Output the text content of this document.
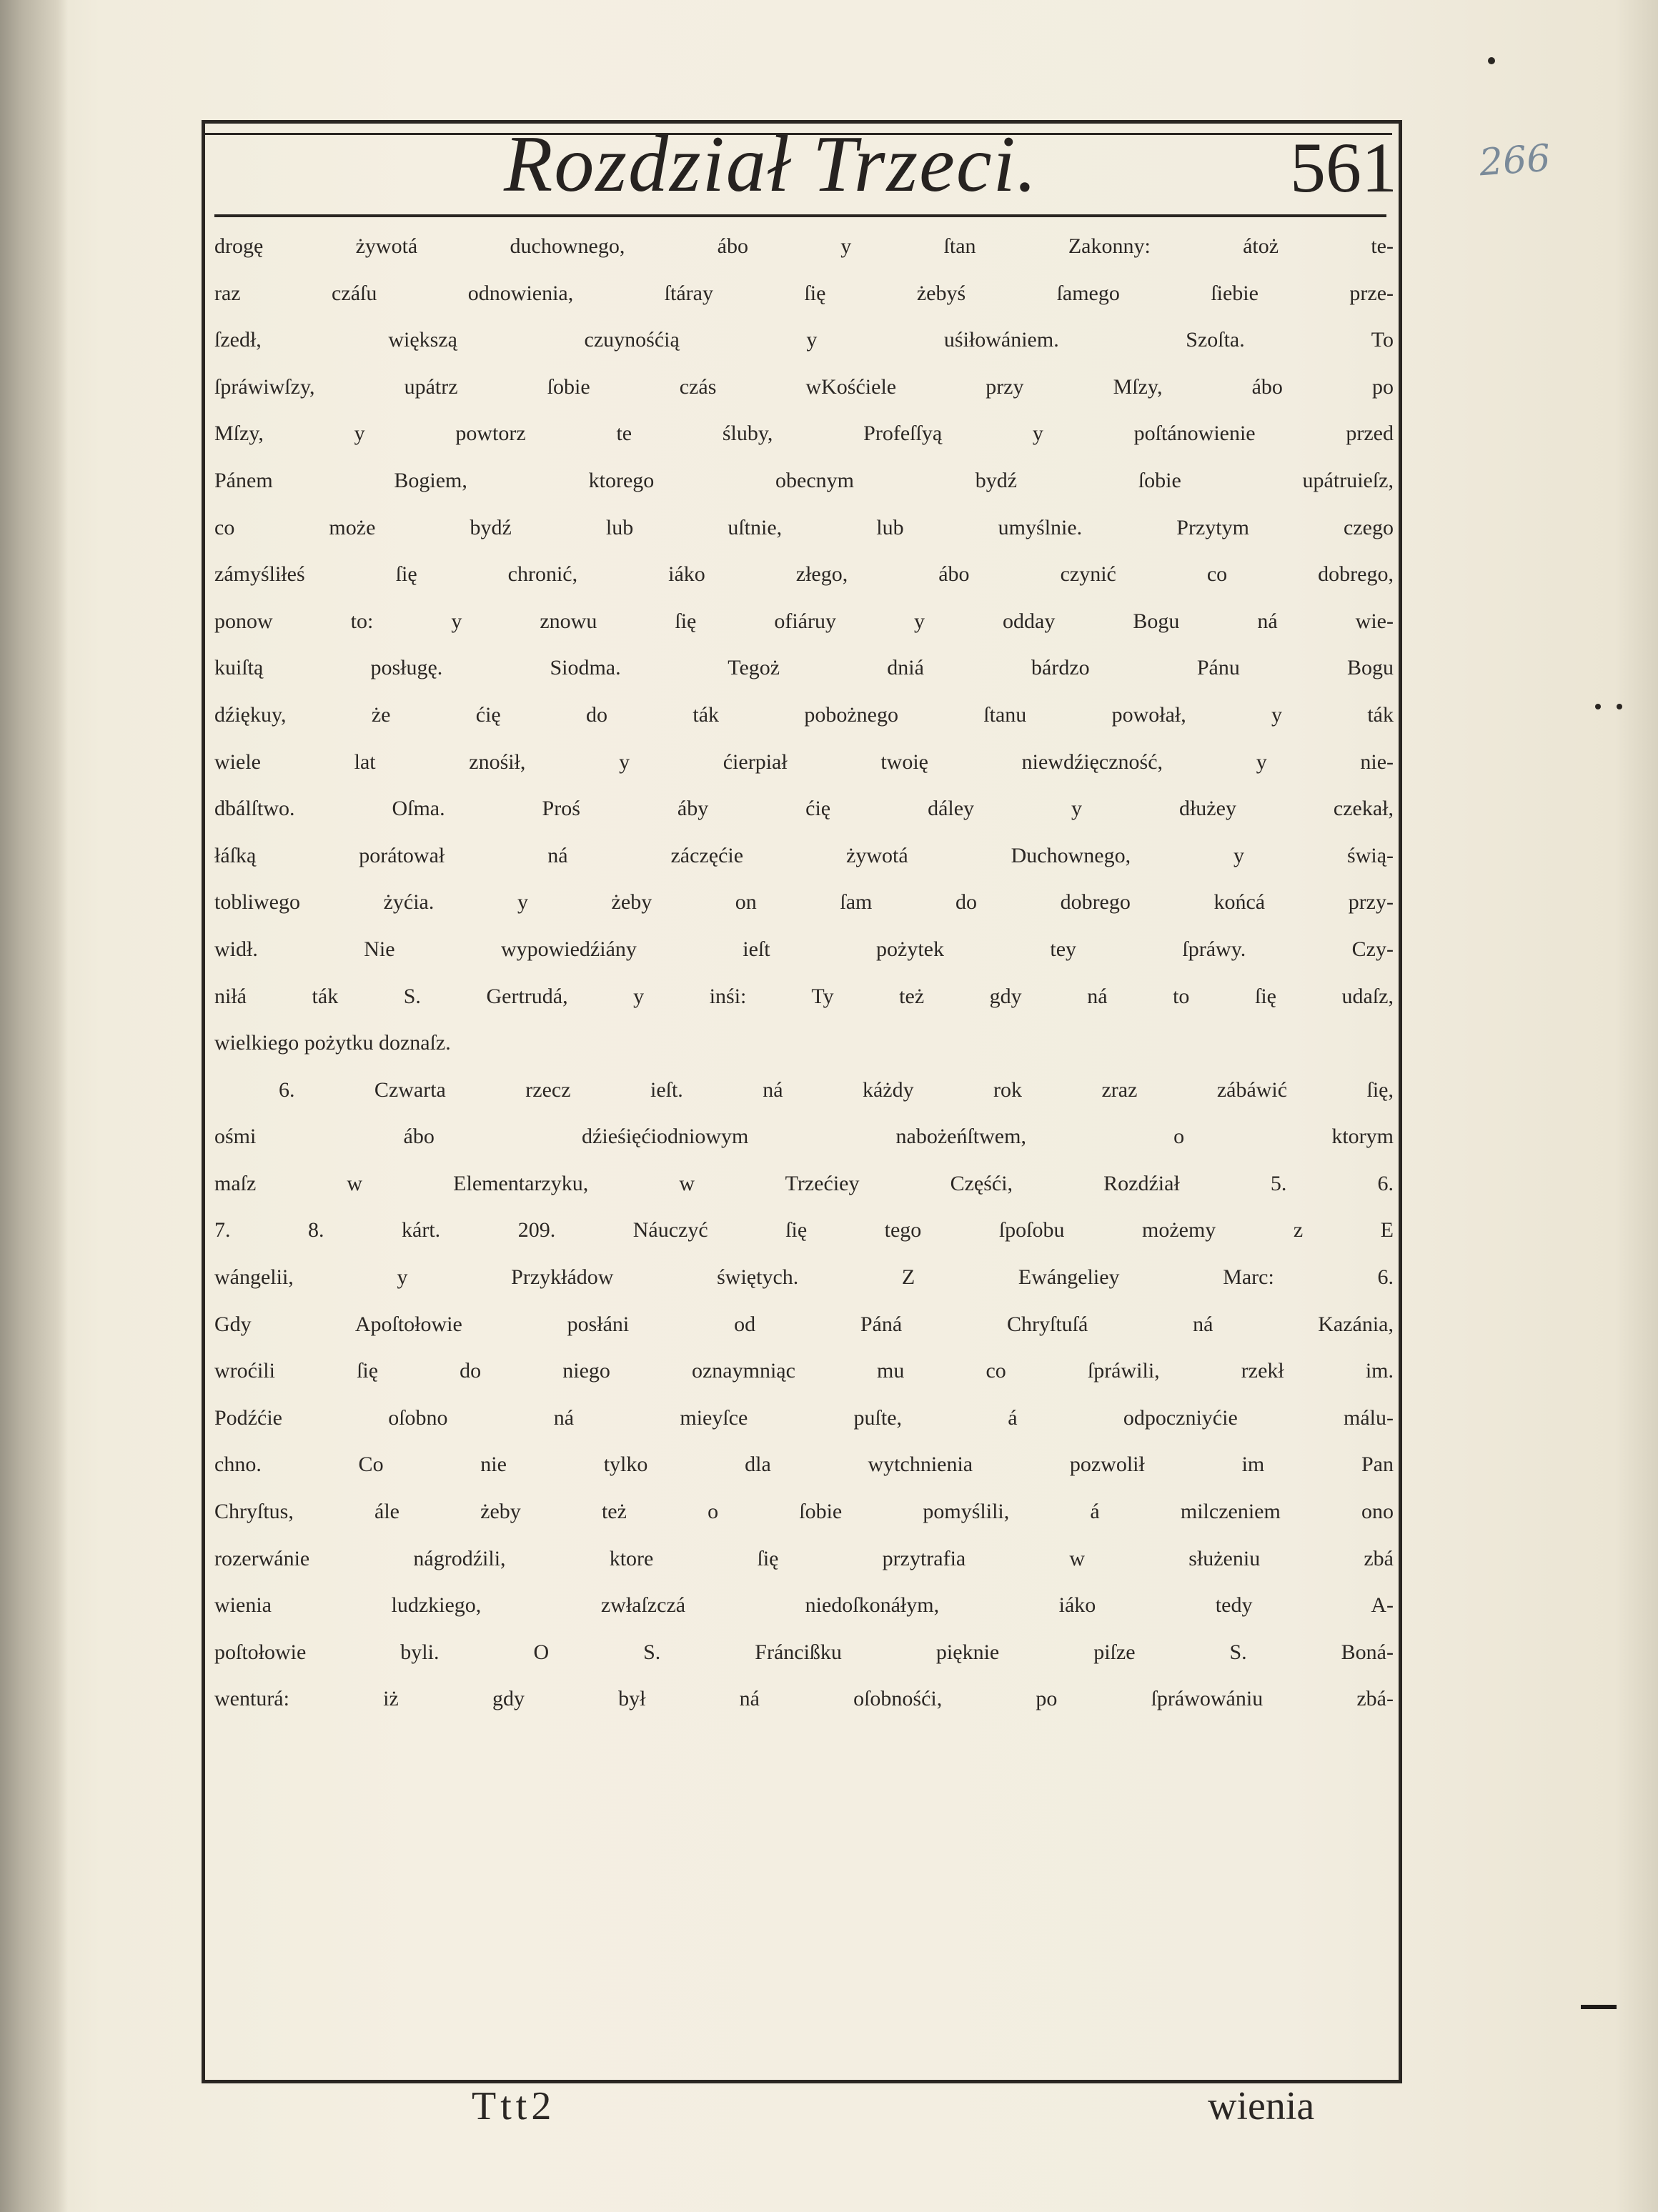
Rozdział Trzeci.	561 266
drogę żywotá duchownego, ábo y ſtan Zakonny: átoż te-
raz czáſu odnowienia, ſtáray ſię żebyś ſamego ſiebie prze-
ſzedł, większą czuynośćią y uśiłowániem. Szoſta. To
ſpráwiwſzy, upátrz ſobie czás wKośćiele przy Mſzy, ábo po
Mſzy, y powtorz te śluby, Profeſſyą y poſtánowienie przed
Pánem Bogiem, ktorego obecnym bydź ſobie upátruieſz,
co może bydź lub uſtnie, lub umyślnie. Przytym czego
zámyśliłeś ſię chronić, iáko złego, ábo czynić co dobrego,
ponow to: y znowu ſię ofiáruy y odday Bogu ná wie-
kuiſtą posługę. Siodma. Tegoż dniá bárdzo Pánu Bogu
dźiękuy, że ćię do ták pobożnego ſtanu powołał, y ták
wiele lat znośił, y ćierpiał twoię niewdźięczność, y nie-
dbálſtwo. Oſma. Proś áby ćię dáley y dłużey czekał,
łáſką porátował ná záczęćie żywotá Duchownego, y świą-
tobliwego żyćia. y żeby on ſam do dobrego końcá przy-
widł. Nie wypowiedźiány ieſt pożytek tey ſpráwy. Czy-
niłá ták S. Gertrudá, y inśi: Ty też gdy ná to ſię udaſz,
wielkiego pożytku doznaſz.
6. Czwarta rzecz ieſt. ná káżdy rok zraz zábáwić ſię,
ośmi ábo dźieśięćiodniowym nabożeńſtwem, o ktorym
maſz w Elementarzyku, w Trzećiey Częśći, Rozdźiał 5. 6.
7. 8. kárt. 209. Náuczyć ſię tego ſpoſobu możemy z E
wángelii, y Przykłádow świętych. Z Ewángeliey Marc: 6.
Gdy Apoſtołowie posłáni od Páná Chryſtuſá ná Kazánia,
wroćili ſię do niego oznaymniąc mu co ſpráwili, rzekł im.
Podźćie oſobno ná mieyſce puſte, á odpoczniyćie málu-
chno. Co nie tylko dla wytchnienia pozwolił im Pan
Chryſtus, ále żeby też o ſobie pomyślili, á milczeniem ono
rozerwánie nágrodźili, ktore ſię przytrafia w służeniu zbá
wienia ludzkiego, zwłaſzczá niedoſkonáłym, iáko tedy A-
poſtołowie byli. O S. Fráncißku pięknie piſze S. Boná-
wenturá: iż gdy był ná oſobnośći, po ſpráwowániu zbá-
Ttt2	wienia
